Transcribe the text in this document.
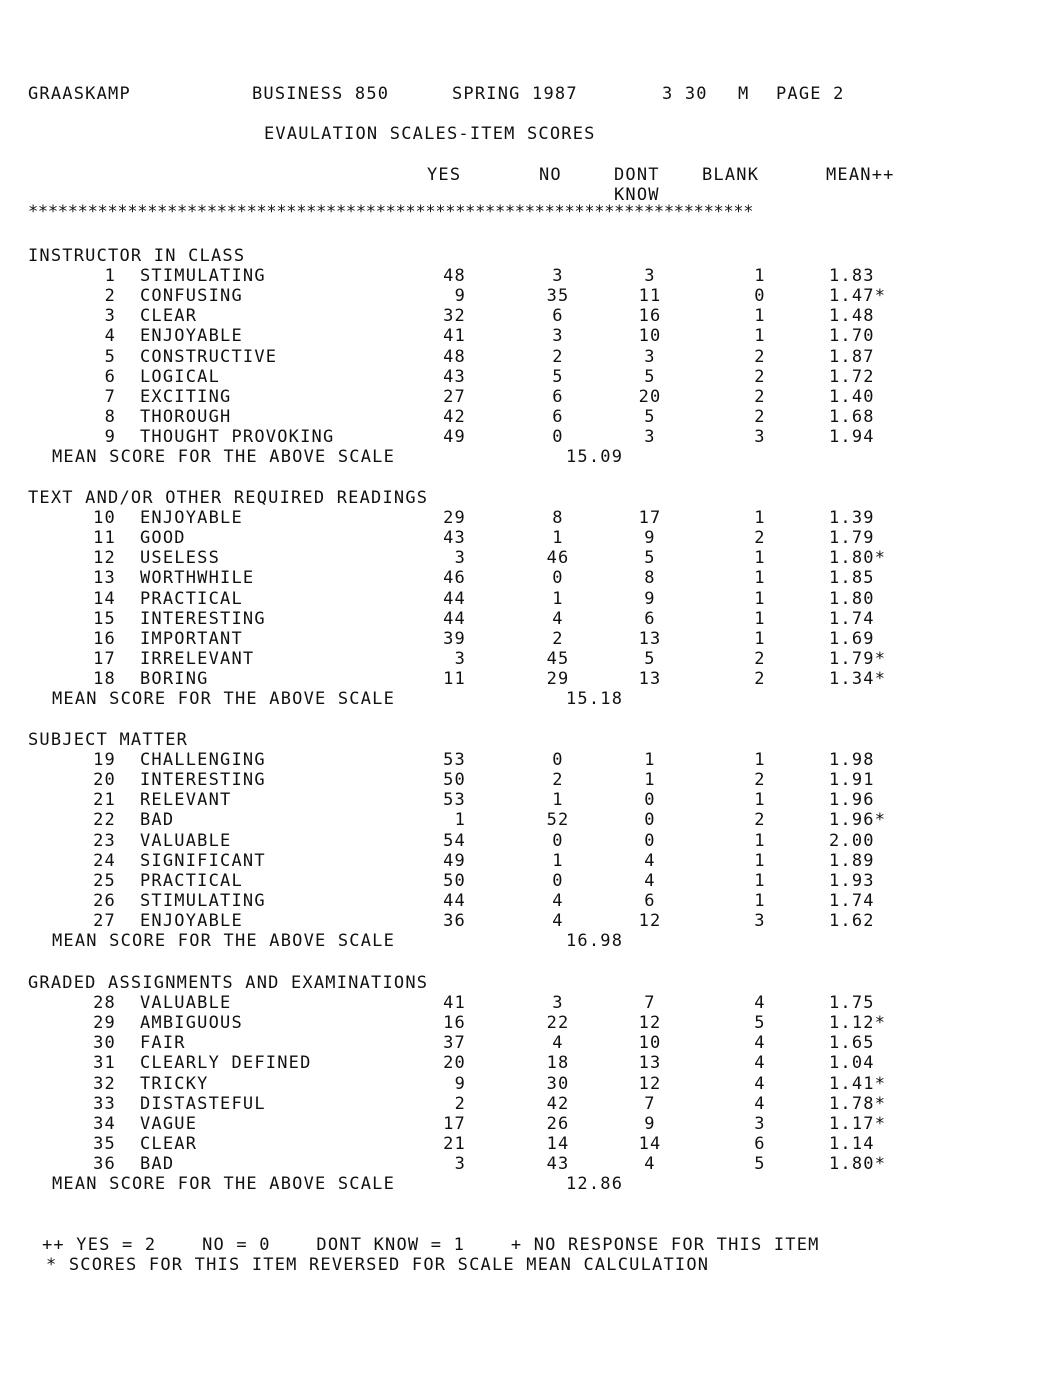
GRAASKAMP	BUSINESS 850	SPRING 1987	3 30 M PAGE 2
EVAULATION SCALES-ITEM SCORES
YES	NO	DONT
KNOW
BLANK	MEAN++
*************************************************************************
INSTRUCTOR IN CLASS
1 STIMULATING	48	3	3	1	1.83
2 CONFUSING	9	35	11	0	1.47*
3 CLEAR	32	6	16	1	1.48
4 ENJOYABLE	41	3	10	1	1.70
5 CONSTRUCTIVE	48	2	3	2	1.87
6 LOGICAL	43	5	5	2	1.72
7 EXCITING	27	6	20	2	1.40
8 THOROUGH	42	6	5	2	1.68
9 THOUGHT PROVOKING	49	0	3	3	1.94
MEAN SCORE FOR THE ABOVE SCALE	15.09
TEXT AND/OR OTHER REQUIRED READINGS
10 ENJOYABLE	29	8	17	1	1.39
11 GOOD	43	1	9	2	1.79
12 USELESS	3	46	5	1	1.80*
13 WORTHWHILE	46	0	8	1	1.85
14 PRACTICAL	44	1	9	1	1.80
15 INTERESTING	44	4	6	1	1.74
16 IMPORTANT	39	2	13	1	1.69
17 IRRELEVANT	3	45	5	2	1.79*
18 BORING	11	29	13	2	1.34*
MEAN SCORE FOR THE ABOVE SCALE	15.18
SUBJECT MATTER
19 CHALLENGING	53	0	1	1	1.98
20 INTERESTING	50	2	1	2	1.91
21 RELEVANT	53	1	0	1	1.96
22 BAD	1	52	0	2	1.96*
23 VALUABLE	54	0	0	1	2.00
24 SIGNIFICANT	49	1	4	1	1.89
25 PRACTICAL	50	0	4	1	1.93
26 STIMULATING	44	4	6	1	1.74
27 ENJOYABLE	36	4	12	3	1.62
MEAN SCORE FOR THE ABOVE SCALE	16.98
GRADED ASSIGNMENTS AND EXAMINATIONS
28 VALUABLE	41	3	7	4	1.75
29 AMBIGUOUS	16	22	12	5	1.12*
30 FAIR	37	4	10	4	1.65
31 CLEARLY DEFINED	20	18	13	4	1.04
32 TRICKY	9	30	12	4	1.41*
33 DISTASTEFUL	2	42	7	4	1.78*
34 VAGUE	17	26	9	3	1.17*
35 CLEAR	21	14	14	6	1.14
36 BAD	3	43	4	5	1.80*
MEAN SCORE FOR THE ABOVE SCALE	12.86
++ YES = 2    NO = 0    DONT KNOW = 1    + NO RESPONSE FOR THIS ITEM
* SCORES FOR THIS ITEM REVERSED FOR SCALE MEAN CALCULATION
